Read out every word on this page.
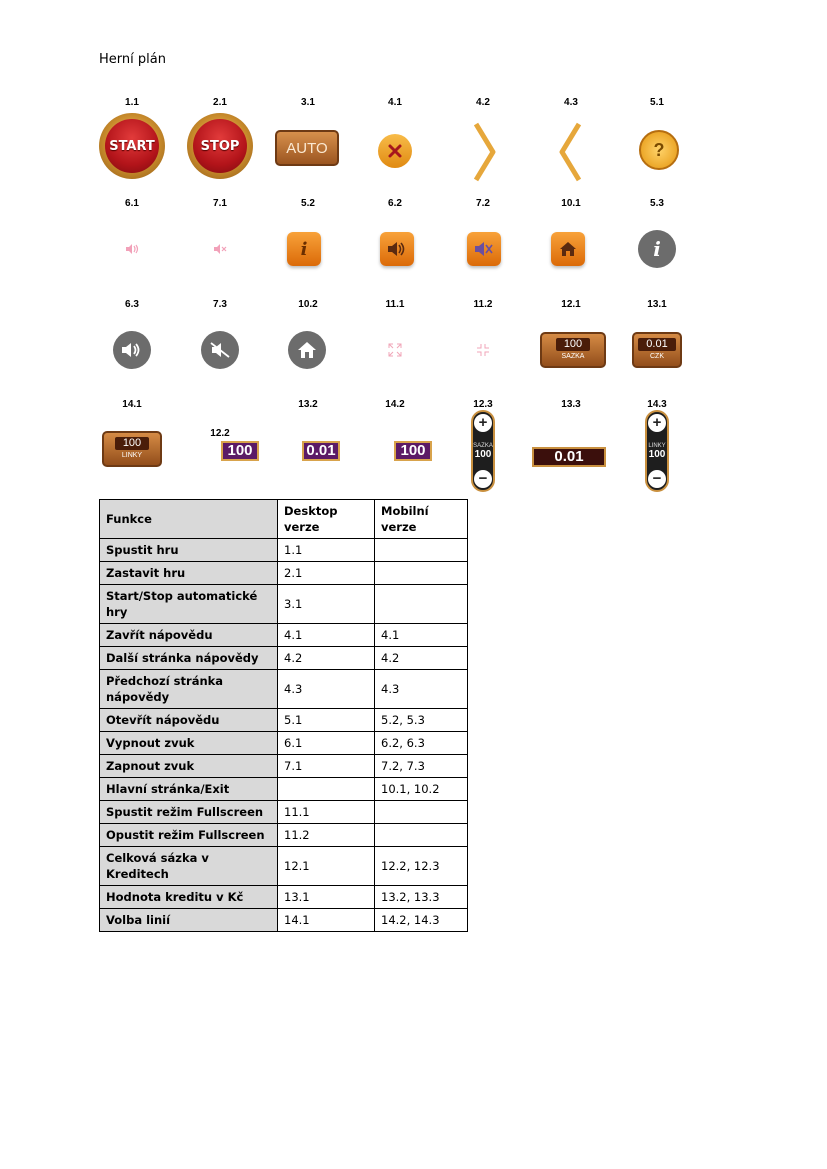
Herní plán
1.1	2.1	3.1	4.1	4.2	4.3	5.1
START	STOP	AUTO	?
6.1	7.1	5.2	6.2	7.2	10.1	5.3
i	i
6.3	7.3	10.2	11.1	11.2	12.1	13.1
100
SAZKA
0.01
CZK
14.1
12.2
13.2	14.2	12.3	13.3	14.3
100
LINKY	100	0.01	100
+
SAZKA
100
−
0.01
+
LINKY
100
−
Funkce	Desktop verze	Mobilní verze
Spustit hru	1.1	
Zastavit hru	2.1	
Start/Stop automatické hry	3.1	
Zavřít nápovědu	4.1	4.1
Další stránka nápovědy	4.2	4.2
Předchozí stránka nápovědy	4.3	4.3
Otevřít nápovědu	5.1	5.2, 5.3
Vypnout zvuk	6.1	6.2, 6.3
Zapnout zvuk	7.1	7.2, 7.3
Hlavní stránka/Exit		10.1, 10.2
Spustit režim Fullscreen	11.1	
Opustit režim Fullscreen	11.2	
Celková sázka v Kreditech	12.1	12.2, 12.3
Hodnota kreditu v Kč	13.1	13.2, 13.3
Volba linií	14.1	14.2, 14.3
